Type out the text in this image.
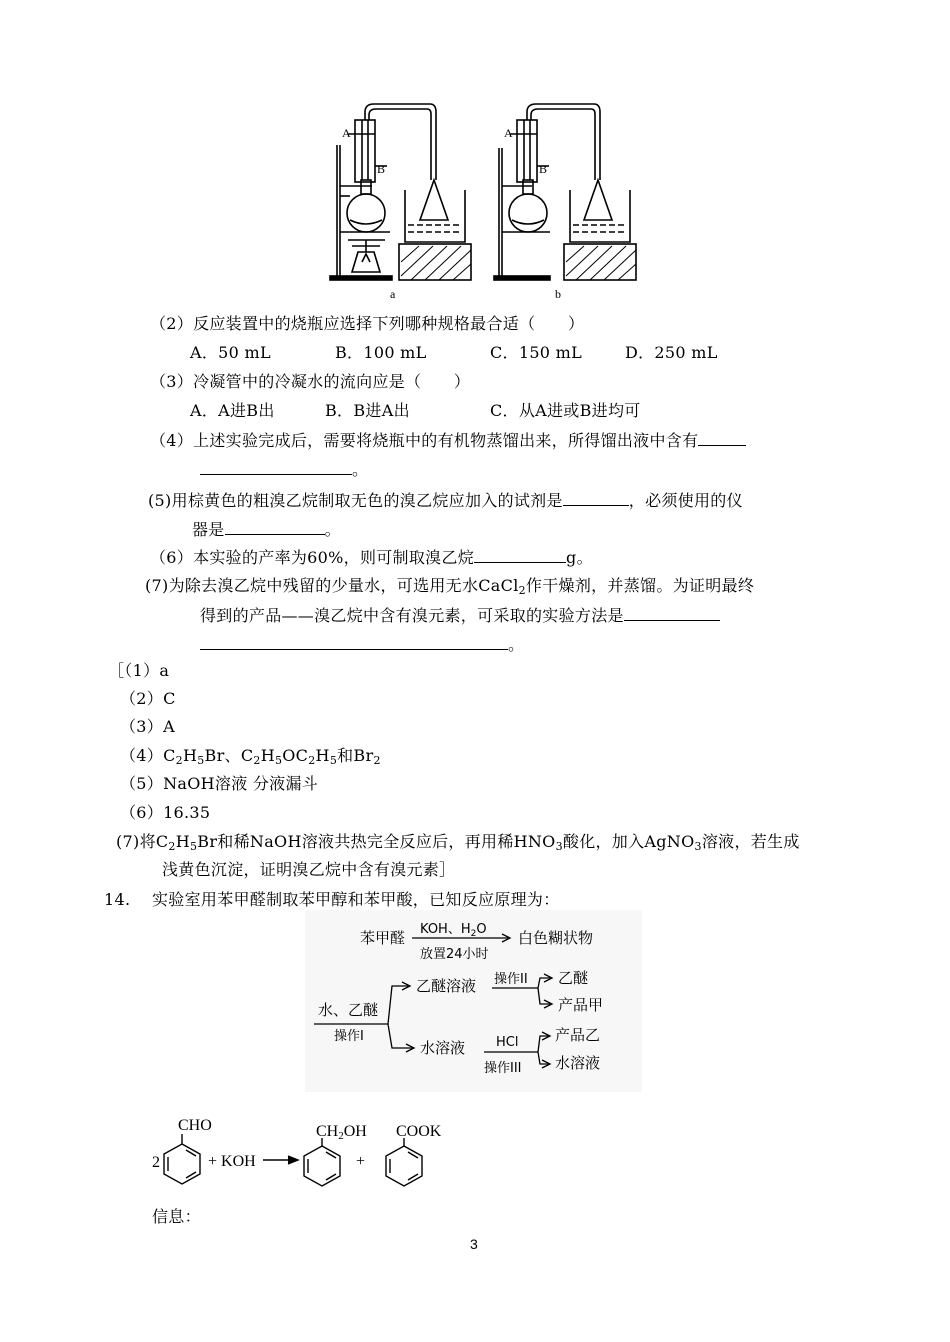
A
B
A
B
a	b
（2）反应装置中的烧瓶应选择下列哪种规格最合适（　　）
A．50 mL	B．100 mL	C．150 mL	D．250 mL
（3）冷凝管中的冷凝水的流向应是（　　）
A．A进B出	B．B进A出	C．从A进或B进均可
（4）上述实验完成后，需要将烧瓶中的有机物蒸馏出来，所得馏出液中含有
。
(5)用棕黄色的粗溴乙烷制取无色的溴乙烷应加入的试剂是	，必须使用的仪
器是	。
（6）本实验的产率为60%，则可制取溴乙烷	g。
(7)为除去溴乙烷中残留的少量水，可选用无水CaCl$_2$作干燥剂，并蒸馏。为证明最终
得到的产品——溴乙烷中含有溴元素，可采取的实验方法是
。
［（1）a
（2）C
（3）A
$(4)C_2H_5Br$、$C_2H_5OC_2H_5$和$Br_2$
（5）NaOH溶液 分液漏斗
（6）16.35
(7)将$C_2H_5Br$和稀NaOH溶液共热完全反应后，再用稀$HNO_3$酸化，加入AgNO$_3$溶液，若生成
浅黄色沉淀，证明溴乙烷中含有溴元素］
14. 实验室用苯甲醛制取苯甲醇和苯甲酸，已知反应原理为：
苯甲醛 KOH、$H_2O$
放置24小时
白色糊状物
水、乙醚
操作I
乙醚溶液 操作II 乙醚
产品甲
水溶液 HCl
操作III
产品乙
水溶液
2
CHO
+ KOH
CH2OH
+
COOK
信息：
3
